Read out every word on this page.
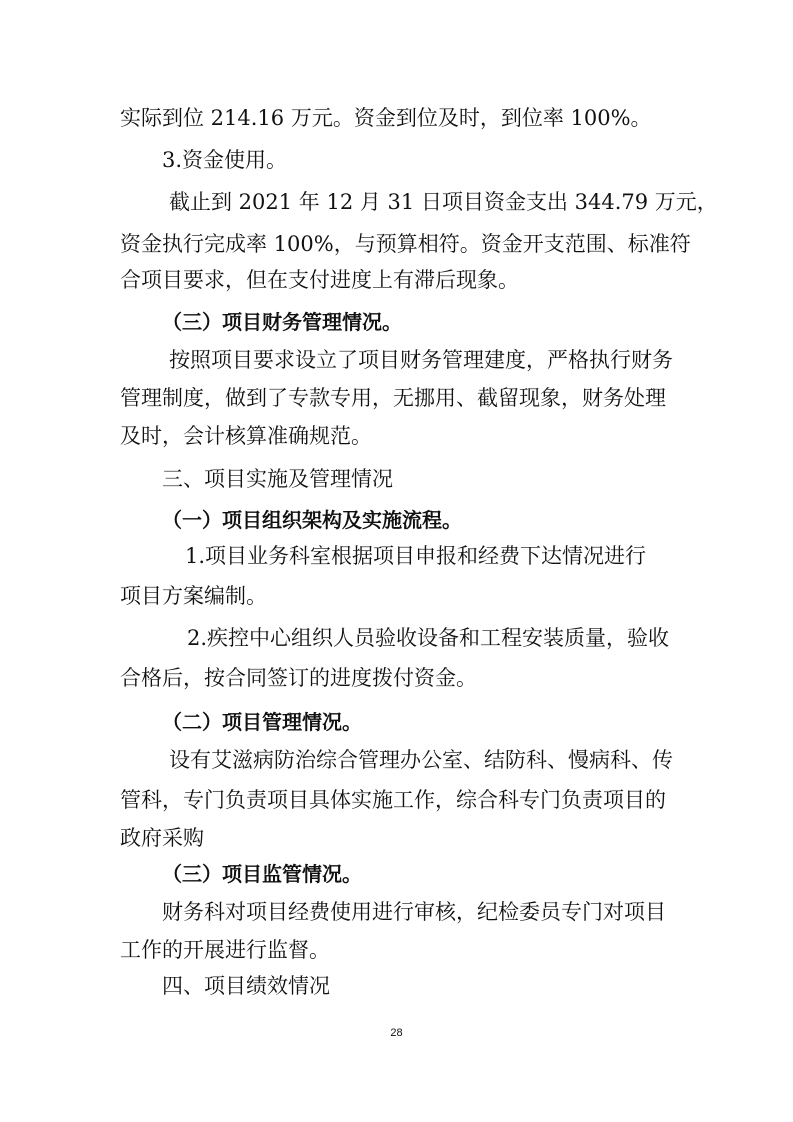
实际到位 214.16 万元。资金到位及时，到位率 100%。
3.资金使用。
截止到 2021 年 12 月 31 日项目资金支出 344.79 万元，
资金执行完成率 100%，与预算相符。资金开支范围、标准符
合项目要求，但在支付进度上有滞后现象。
（三）项目财务管理情况。
按照项目要求设立了项目财务管理建度，严格执行财务
管理制度，做到了专款专用，无挪用、截留现象，财务处理
及时，会计核算准确规范。
三、项目实施及管理情况
（一）项目组织架构及实施流程。
1.项目业务科室根据项目申报和经费下达情况进行
项目方案编制。
2.疾控中心组织人员验收设备和工程安装质量，验收
合格后，按合同签订的进度拨付资金。
（二）项目管理情况。
设有艾滋病防治综合管理办公室、结防科、慢病科、传
管科，专门负责项目具体实施工作，综合科专门负责项目的
政府采购
（三）项目监管情况。
财务科对项目经费使用进行审核，纪检委员专门对项目
工作的开展进行监督。
四、项目绩效情况
28
